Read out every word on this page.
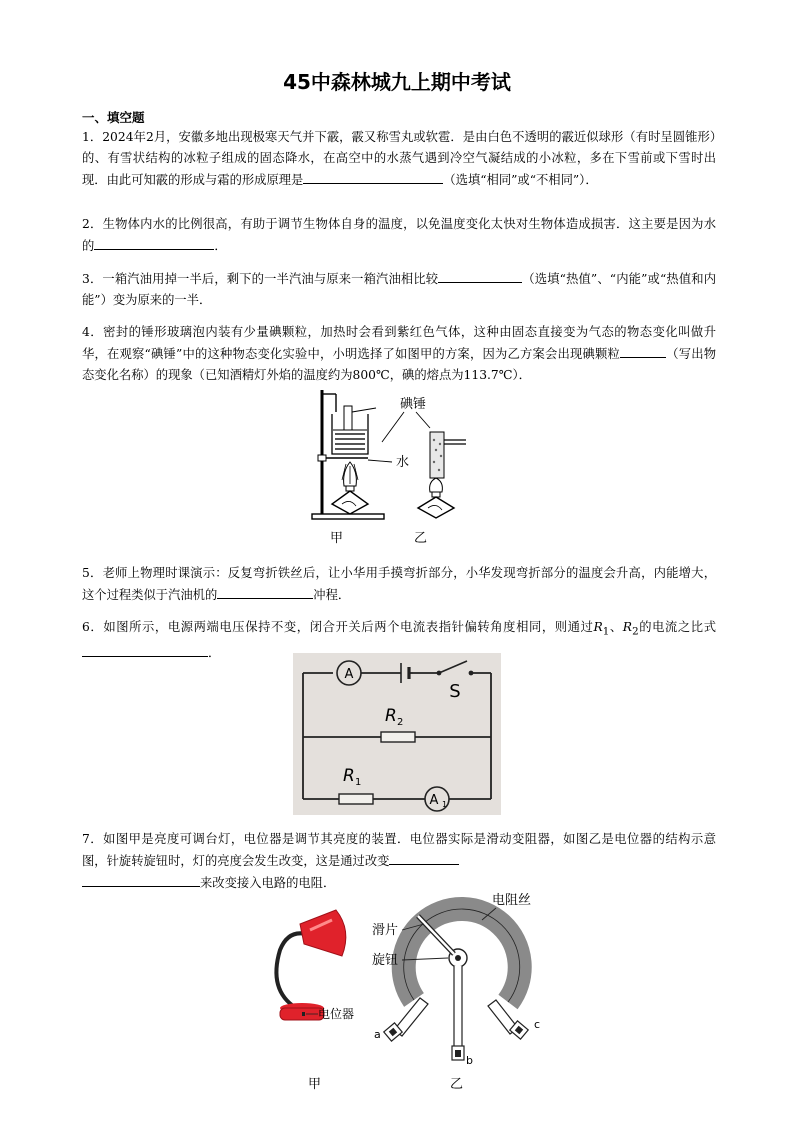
45中森林城九上期中考试
一、填空题
1．2024年2月，安徽多地出现极寒天气并下霰，霰又称雪丸或软雹．是由白色不透明的霰近似球形（有时呈圆锥形）的、有雪状结构的冰粒子组成的固态降水，在高空中的水蒸气遇到冷空气凝结成的小冰粒，多在下雪前或下雪时出现．由此可知霰的形成与霜的形成原理是	（选填“相同”或“不相同”）．
2．生物体内水的比例很高，有助于调节生物体自身的温度，以免温度变化太快对生物体造成损害．这主要是因为水的	．
3．一箱汽油用掉一半后，剩下的一半汽油与原来一箱汽油相比较	（选填“热值”、“内能”或“热值和内能”）变为原来的一半．
4．密封的锤形玻璃泡内装有少量碘颗粒，加热时会看到紫红色气体，这种由固态直接变为气态的物态变化叫做升华，在观察“碘锤”中的这种物态变化实验中，小明选择了如图甲的方案，因为乙方案会出现碘颗粒	（写出物态变化名称）的现象（已知酒精灯外焰的温度约为800℃，碘的熔点为113.7℃）．
碘锤
水
甲	乙
5．老师上物理时课演示：反复弯折铁丝后，让小华用手摸弯折部分，小华发现弯折部分的温度会升高，内能增大，这个过程类似于汽油机的	冲程．
6．如图所示，电源两端电压保持不变，闭合开关后两个电流表指针偏转角度相同，则通过$R_1$、$R_2$的电流之比式．
A
S
R 2
R 1
A 1
7．如图甲是亮度可调台灯，电位器是调节其亮度的装置．电位器实际是滑动变阻器，如图乙是电位器的结构示意图，针旋转旋钮时，灯的亮度会发生改变，这是通过改变
来改变接入电路的电阻．
电位器
甲
电阻丝
滑片
旋钮
a
b
c
乙
